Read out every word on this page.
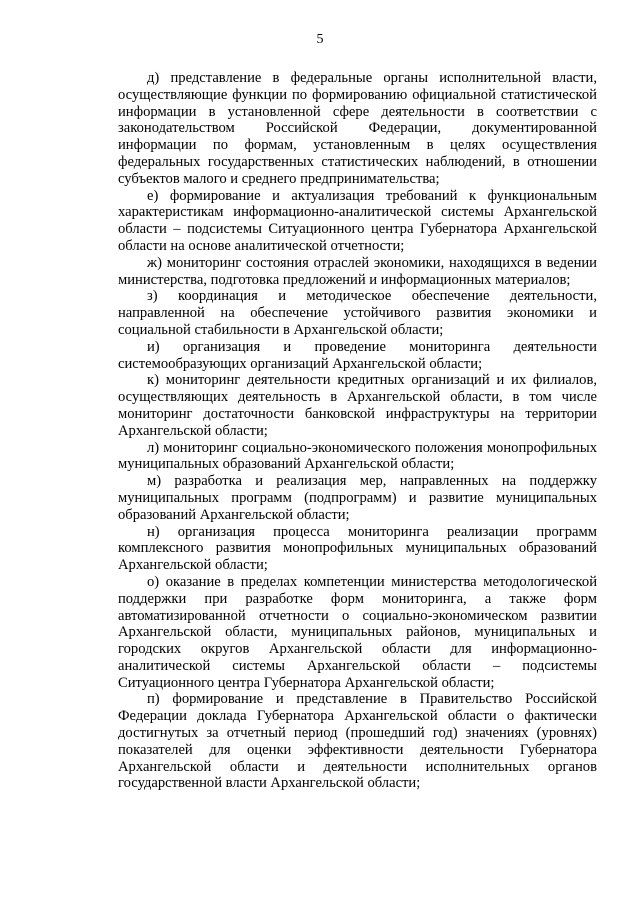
5

д) представление в федеральные органы исполнительной власти, осуществляющие функции по формированию официальной статистической информации в установленной сфере деятельности в соответствии с законодательством Российской Федерации, документированной информации по формам, установленным в целях осуществления федеральных государственных статистических наблюдений, в отношении субъектов малого и среднего предпринимательства;

е) формирование и актуализация требований к функциональным характеристикам информационно-аналитической системы Архангельской области – подсистемы Ситуационного центра Губернатора Архангельской области на основе аналитической отчетности;

ж) мониторинг состояния отраслей экономики, находящихся в ведении министерства, подготовка предложений и информационных материалов;

з) координация и методическое обеспечение деятельности, направленной на обеспечение устойчивого развития экономики и социальной стабильности в Архангельской области;

и) организация и проведение мониторинга деятельности системообразующих организаций Архангельской области;

к) мониторинг деятельности кредитных организаций и их филиалов, осуществляющих деятельность в Архангельской области, в том числе мониторинг достаточности банковской инфраструктуры на территории Архангельской области;

л) мониторинг социально-экономического положения монопрофильных муниципальных образований Архангельской области;

м) разработка и реализация мер, направленных на поддержку муниципальных программ (подпрограмм) и развитие муниципальных образований Архангельской области;

н) организация процесса мониторинга реализации программ комплексного развития монопрофильных муниципальных образований Архангельской области;

о) оказание в пределах компетенции министерства методологической поддержки при разработке форм мониторинга, а также форм автоматизированной отчетности о социально-экономическом развитии Архангельской области, муниципальных районов, муниципальных и городских округов Архангельской области для информационно-аналитической системы Архангельской области – подсистемы Ситуационного центра Губернатора Архангельской области;

п) формирование и представление в Правительство Российской Федерации доклада Губернатора Архангельской области о фактически достигнутых за отчетный период (прошедший год) значениях (уровнях) показателей для оценки эффективности деятельности Губернатора Архангельской области и деятельности исполнительных органов государственной власти Архангельской области;
